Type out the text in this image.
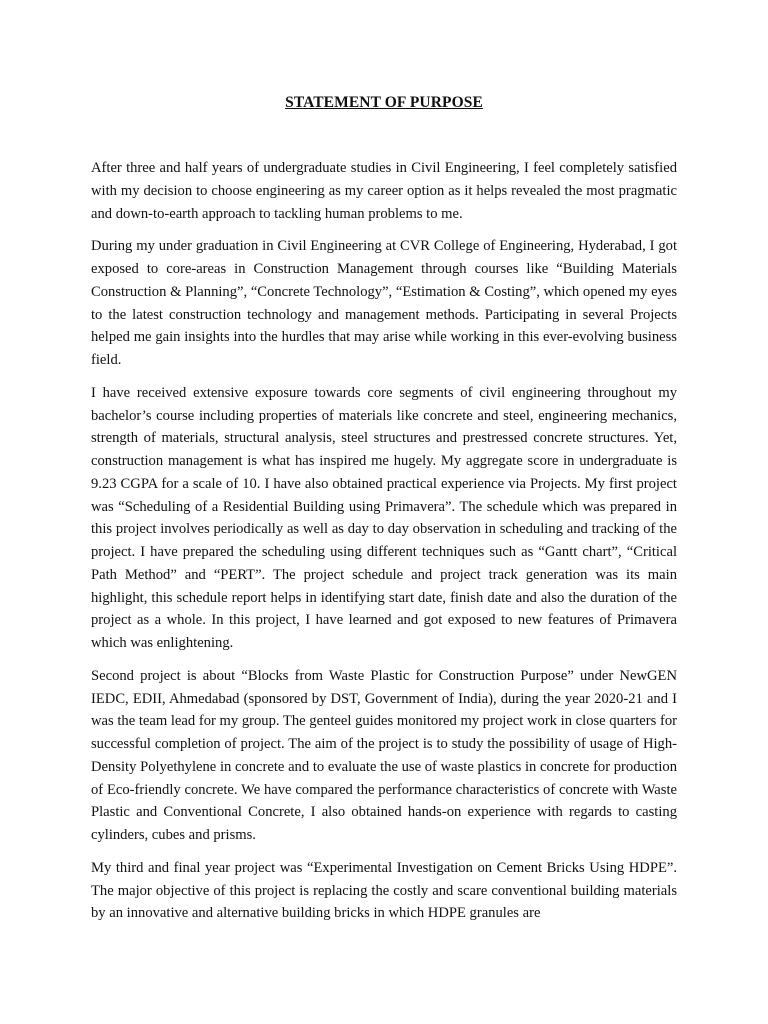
STATEMENT OF PURPOSE

After three and half years of undergraduate studies in Civil Engineering, I feel completely satisfied with my decision to choose engineering as my career option as it helps revealed the most pragmatic and down-to-earth approach to tackling human problems to me.

During my under graduation in Civil Engineering at CVR College of Engineering, Hyderabad, I got exposed to core-areas in Construction Management through courses like “Building Materials Construction & Planning”, “Concrete Technology”, “Estimation & Costing”, which opened my eyes to the latest construction technology and management methods. Participating in several Projects helped me gain insights into the hurdles that may arise while working in this ever-evolving business field.

I have received extensive exposure towards core segments of civil engineering throughout my bachelor’s course including properties of materials like concrete and steel, engineering mechanics, strength of materials, structural analysis, steel structures and prestressed concrete structures. Yet, construction management is what has inspired me hugely. My aggregate score in undergraduate is 9.23 CGPA for a scale of 10. I have also obtained practical experience via Projects. My first project was “Scheduling of a Residential Building using Primavera”. The schedule which was prepared in this project involves periodically as well as day to day observation in scheduling and tracking of the project. I have prepared the scheduling using different techniques such as “Gantt chart”, “Critical Path Method” and “PERT”. The project schedule and project track generation was its main highlight, this schedule report helps in identifying start date, finish date and also the duration of the project as a whole. In this project, I have learned and got exposed to new features of Primavera which was enlightening.

Second project is about “Blocks from Waste Plastic for Construction Purpose” under NewGEN IEDC, EDII, Ahmedabad (sponsored by DST, Government of India), during the year 2020-21 and I was the team lead for my group. The genteel guides monitored my project work in close quarters for successful completion of project. The aim of the project is to study the possibility of usage of High-Density Polyethylene in concrete and to evaluate the use of waste plastics in concrete for production of Eco-friendly concrete. We have compared the performance characteristics of concrete with Waste Plastic and Conventional Concrete, I also obtained hands-on experience with regards to casting cylinders, cubes and prisms.

My third and final year project was “Experimental Investigation on Cement Bricks Using HDPE”. The major objective of this project is replacing the costly and scare conventional building materials by an innovative and alternative building bricks in which HDPE granules are
